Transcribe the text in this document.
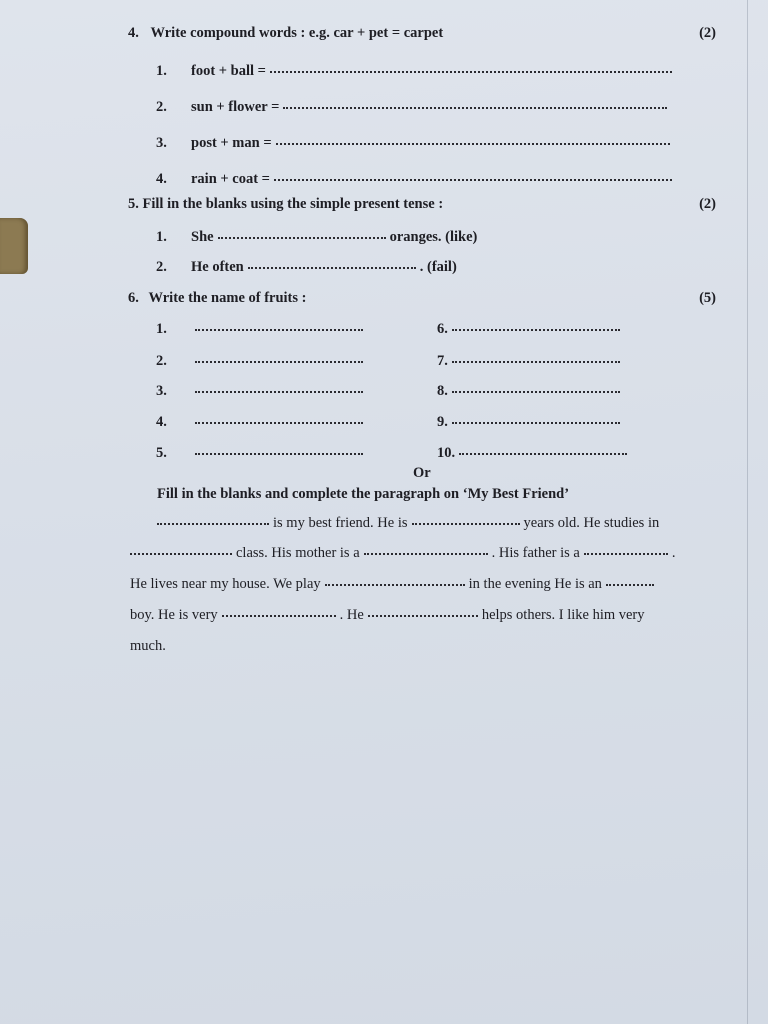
4. Write compound words : e.g. car + pet = carpet	(2)
1. foot + ball =
2. sun + flower =
3. post + man =
4. rain + coat =
5. Fill in the blanks using the simple present tense :	(2)
1. She	oranges. (like)
2. He often	. (fail)
6. Write the name of fruits :	(5)
1.
2.
3.
4.
5.
6.
7.
8.
9.
10.
Or
Fill in the blanks and complete the paragraph on ‘My Best Friend’
is my best friend. He is	years old. He studies in
class. His mother is a	. His father is a	.
He lives near my house. We play	in the evening He is an
boy. He is very	. He	helps others. I like him very
much.
